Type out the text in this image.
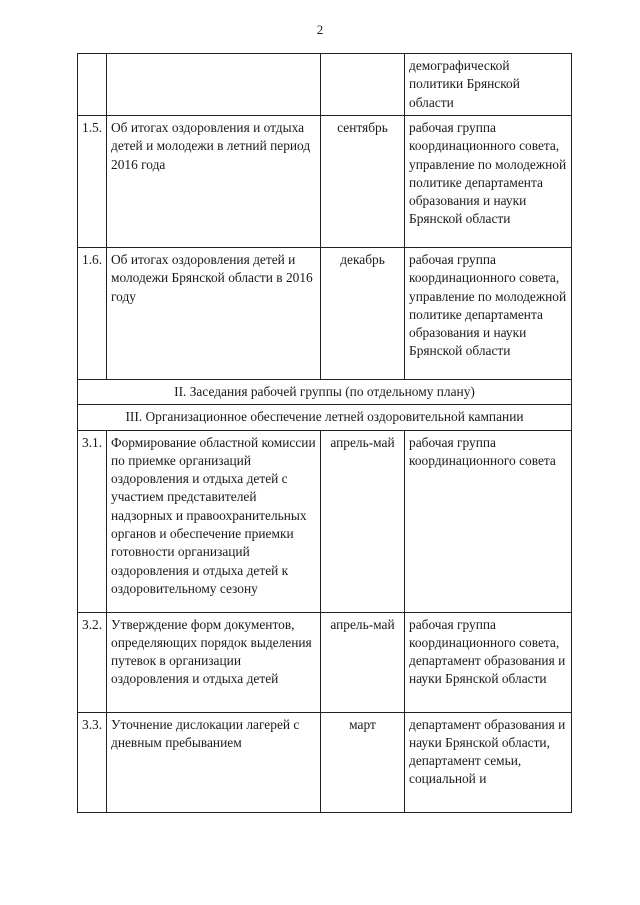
2
			демографической политики Брянской области
1.5.	Об итогах оздоровления и отдыха детей и молодежи в летний период 2016 года	сентябрь	рабочая группа координационного совета, управление по молодежной политике департамента образования и науки Брянской области
1.6.	Об итогах оздоровления детей и молодежи Брянской области в 2016 году	декабрь	рабочая группа координационного совета, управление по молодежной политике департамента образования и науки Брянской области
II. Заседания рабочей группы (по отдельному плану)			
III. Организационное обеспечение летней оздоровительной кампании			
3.1.	Формирование областной комиссии по приемке организаций оздоровления и отдыха детей с участием представителей надзорных и правоохранительных органов и обеспечение приемки готовности организаций оздоровления и отдыха детей к оздоровительному сезону	апрель-май	рабочая группа координационного совета
3.2.	Утверждение форм документов, определяющих порядок выделения путевок в организации оздоровления и отдыха детей	апрель-май	рабочая группа координационного совета, департамент образования и науки Брянской области
3.3.	Уточнение дислокации лагерей с дневным пребыванием	март	департамент образования и науки Брянской области, департамент семьи, социальной и
